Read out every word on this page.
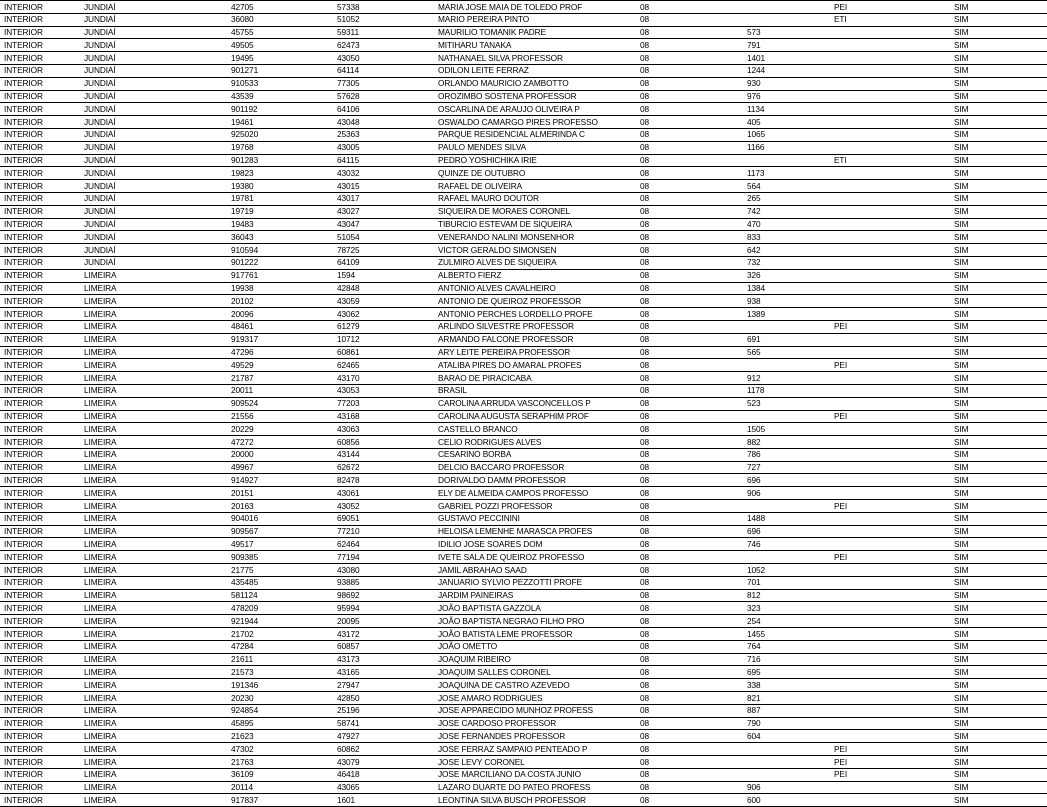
INTERIOR	JUNDIAÍ	42705	57338	MARIA JOSE MAIA DE TOLEDO PROF	08		PEI	SIM
INTERIOR	JUNDIAÍ	36080	51052	MARIO PEREIRA PINTO	08		ETI	SIM
INTERIOR	JUNDIAÍ	45755	59311	MAURILIO TOMANIK PADRE	08	573		SIM
INTERIOR	JUNDIAÍ	49505	62473	MITIHARU TANAKA	08	791		SIM
INTERIOR	JUNDIAÍ	19495	43050	NATHANAEL SILVA PROFESSOR	08	1401		SIM
INTERIOR	JUNDIAÍ	901271	64114	ODILON LEITE FERRAZ	08	1244		SIM
INTERIOR	JUNDIAÍ	910533	77305	ORLANDO MAURICIO ZAMBOTTO	08	930		SIM
INTERIOR	JUNDIAÍ	43539	57628	OROZIMBO SOSTENA PROFESSOR	08	976		SIM
INTERIOR	JUNDIAÍ	901192	64106	OSCARLINA DE ARAUJO OLIVEIRA P	08	1134		SIM
INTERIOR	JUNDIAÍ	19461	43048	OSWALDO CAMARGO PIRES PROFESSO	08	405		SIM
INTERIOR	JUNDIAÍ	925020	25363	PARQUE RESIDENCIAL ALMERINDA C	08	1065		SIM
INTERIOR	JUNDIAÍ	19768	43005	PAULO MENDES SILVA	08	1166		SIM
INTERIOR	JUNDIAÍ	901283	64115	PEDRO YOSHICHIKA IRIE	08		ETI	SIM
INTERIOR	JUNDIAÍ	19823	43032	QUINZE DE OUTUBRO	08	1173		SIM
INTERIOR	JUNDIAÍ	19380	43015	RAFAEL DE OLIVEIRA	08	564		SIM
INTERIOR	JUNDIAÍ	19781	43017	RAFAEL MAURO DOUTOR	08	265		SIM
INTERIOR	JUNDIAÍ	19719	43027	SIQUEIRA DE MORAES CORONEL	08	742		SIM
INTERIOR	JUNDIAÍ	19483	43047	TIBURCIO ESTEVAM DE SIQUEIRA	08	470		SIM
INTERIOR	JUNDIAÍ	36043	51054	VENERANDO NALINI MONSENHOR	08	833		SIM
INTERIOR	JUNDIAÍ	910594	78725	VICTOR GERALDO SIMONSEN	08	642		SIM
INTERIOR	JUNDIAÍ	901222	64109	ZULMIRO ALVES DE SIQUEIRA	08	732		SIM
INTERIOR	LIMEIRA	917761	1594	ALBERTO FIERZ	08	326		SIM
INTERIOR	LIMEIRA	19938	42848	ANTONIO ALVES CAVALHEIRO	08	1384		SIM
INTERIOR	LIMEIRA	20102	43059	ANTONIO DE QUEIROZ PROFESSOR	08	938		SIM
INTERIOR	LIMEIRA	20096	43062	ANTONIO PERCHES LORDELLO PROFE	08	1389		SIM
INTERIOR	LIMEIRA	48461	61279	ARLINDO SILVESTRE PROFESSOR	08		PEI	SIM
INTERIOR	LIMEIRA	919317	10712	ARMANDO FALCONE PROFESSOR	08	691		SIM
INTERIOR	LIMEIRA	47296	60861	ARY LEITE PEREIRA PROFESSOR	08	565		SIM
INTERIOR	LIMEIRA	49529	62465	ATALIBA PIRES DO AMARAL PROFES	08		PEI	SIM
INTERIOR	LIMEIRA	21787	43170	BARAO DE PIRACICABA	08	912		SIM
INTERIOR	LIMEIRA	20011	43053	BRASIL	08	1178		SIM
INTERIOR	LIMEIRA	909524	77203	CAROLINA ARRUDA VASCONCELLOS P	08	523		SIM
INTERIOR	LIMEIRA	21556	43168	CAROLINA AUGUSTA SERAPHIM PROF	08		PEI	SIM
INTERIOR	LIMEIRA	20229	43063	CASTELLO BRANCO	08	1505		SIM
INTERIOR	LIMEIRA	47272	60856	CELIO RODRIGUES ALVES	08	882		SIM
INTERIOR	LIMEIRA	20000	43144	CESARINO BORBA	08	786		SIM
INTERIOR	LIMEIRA	49967	62672	DELCIO BACCARO PROFESSOR	08	727		SIM
INTERIOR	LIMEIRA	914927	82478	DORIVALDO DAMM PROFESSOR	08	696		SIM
INTERIOR	LIMEIRA	20151	43061	ELY DE ALMEIDA CAMPOS PROFESSO	08	906		SIM
INTERIOR	LIMEIRA	20163	43052	GABRIEL POZZI PROFESSOR	08		PEI	SIM
INTERIOR	LIMEIRA	904016	69051	GUSTAVO PECCININI	08	1488		SIM
INTERIOR	LIMEIRA	909567	77210	HELOISA LEMENHE MARASCA PROFES	08	696		SIM
INTERIOR	LIMEIRA	49517	62464	IDILIO JOSE SOARES DOM	08	746		SIM
INTERIOR	LIMEIRA	909385	77194	IVETE SALA DE QUEIROZ PROFESSO	08		PEI	SIM
INTERIOR	LIMEIRA	21775	43080	JAMIL ABRAHAO SAAD	08	1052		SIM
INTERIOR	LIMEIRA	435485	93885	JANUARIO SYLVIO PEZZOTTI PROFE	08	701		SIM
INTERIOR	LIMEIRA	581124	98692	JARDIM PAINEIRAS	08	812		SIM
INTERIOR	LIMEIRA	478209	95994	JOÃO BAPTISTA GAZZOLA	08	323		SIM
INTERIOR	LIMEIRA	921944	20095	JOÃO BAPTISTA NEGRAO FILHO PRO	08	254		SIM
INTERIOR	LIMEIRA	21702	43172	JOÃO BATISTA LEME PROFESSOR	08	1455		SIM
INTERIOR	LIMEIRA	47284	60857	JOÃO OMETTO	08	764		SIM
INTERIOR	LIMEIRA	21611	43173	JOAQUIM RIBEIRO	08	716		SIM
INTERIOR	LIMEIRA	21573	43165	JOAQUIM SALLES CORONEL	08	695		SIM
INTERIOR	LIMEIRA	191346	27947	JOAQUINA DE CASTRO AZEVEDO	08	338		SIM
INTERIOR	LIMEIRA	20230	42850	JOSE AMARO RODRIGUES	08	821		SIM
INTERIOR	LIMEIRA	924854	25196	JOSE APPARECIDO MUNHOZ PROFESS	08	887		SIM
INTERIOR	LIMEIRA	45895	58741	JOSE CARDOSO PROFESSOR	08	790		SIM
INTERIOR	LIMEIRA	21623	47927	JOSE FERNANDES PROFESSOR	08	604		SIM
INTERIOR	LIMEIRA	47302	60862	JOSE FERRAZ SAMPAIO PENTEADO P	08		PEI	SIM
INTERIOR	LIMEIRA	21763	43079	JOSE LEVY CORONEL	08		PEI	SIM
INTERIOR	LIMEIRA	36109	46418	JOSE MARCILIANO DA COSTA JUNIO	08		PEI	SIM
INTERIOR	LIMEIRA	20114	43065	LAZARO DUARTE DO PATEO PROFESS	08	906		SIM
INTERIOR	LIMEIRA	917837	1601	LEONTINA SILVA BUSCH PROFESSOR	08	600		SIM
